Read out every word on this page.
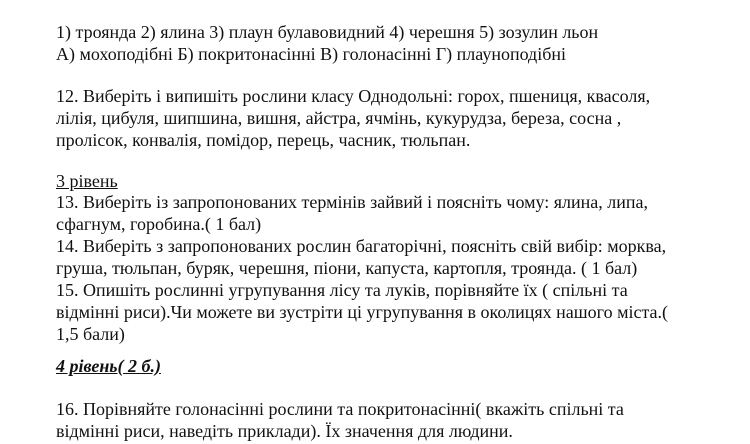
1) троянда 2) ялина 3) плаун булавовидний 4) черешня 5) зозулин льон
А) мохоподібні Б) покритонасінні В) голонасінні Г) плауноподібні
12. Виберіть і випишіть рослини класу Однодольні: горох, пшениця, квасоля,
лілія, цибуля, шипшина, вишня, айстра, ячмінь, кукурудза, береза, сосна ,
пролісок, конвалія, помідор, перець, часник, тюльпан.
3 рівень
13. Виберіть із запропонованих термінів зайвий і поясніть чому: ялина, липа,
сфагнум, горобина.( 1 бал)
14. Виберіть з запропонованих рослин багаторічні, поясніть свій вибір: морква,
груша, тюльпан, буряк, черешня, піони, капуста, картопля, троянда. ( 1 бал)
15. Опишіть рослинні угрупування лісу та луків, порівняйте їх ( спільні та
відмінні риси).Чи можете ви зустріти ці угрупування в околицях нашого міста.(
1,5 бали)
4 рівень( 2 б.)
16. Порівняйте голонасінні рослини та покритонасінні( вкажіть спільні та
відмінні риси, наведіть приклади). Їх значення для людини.
